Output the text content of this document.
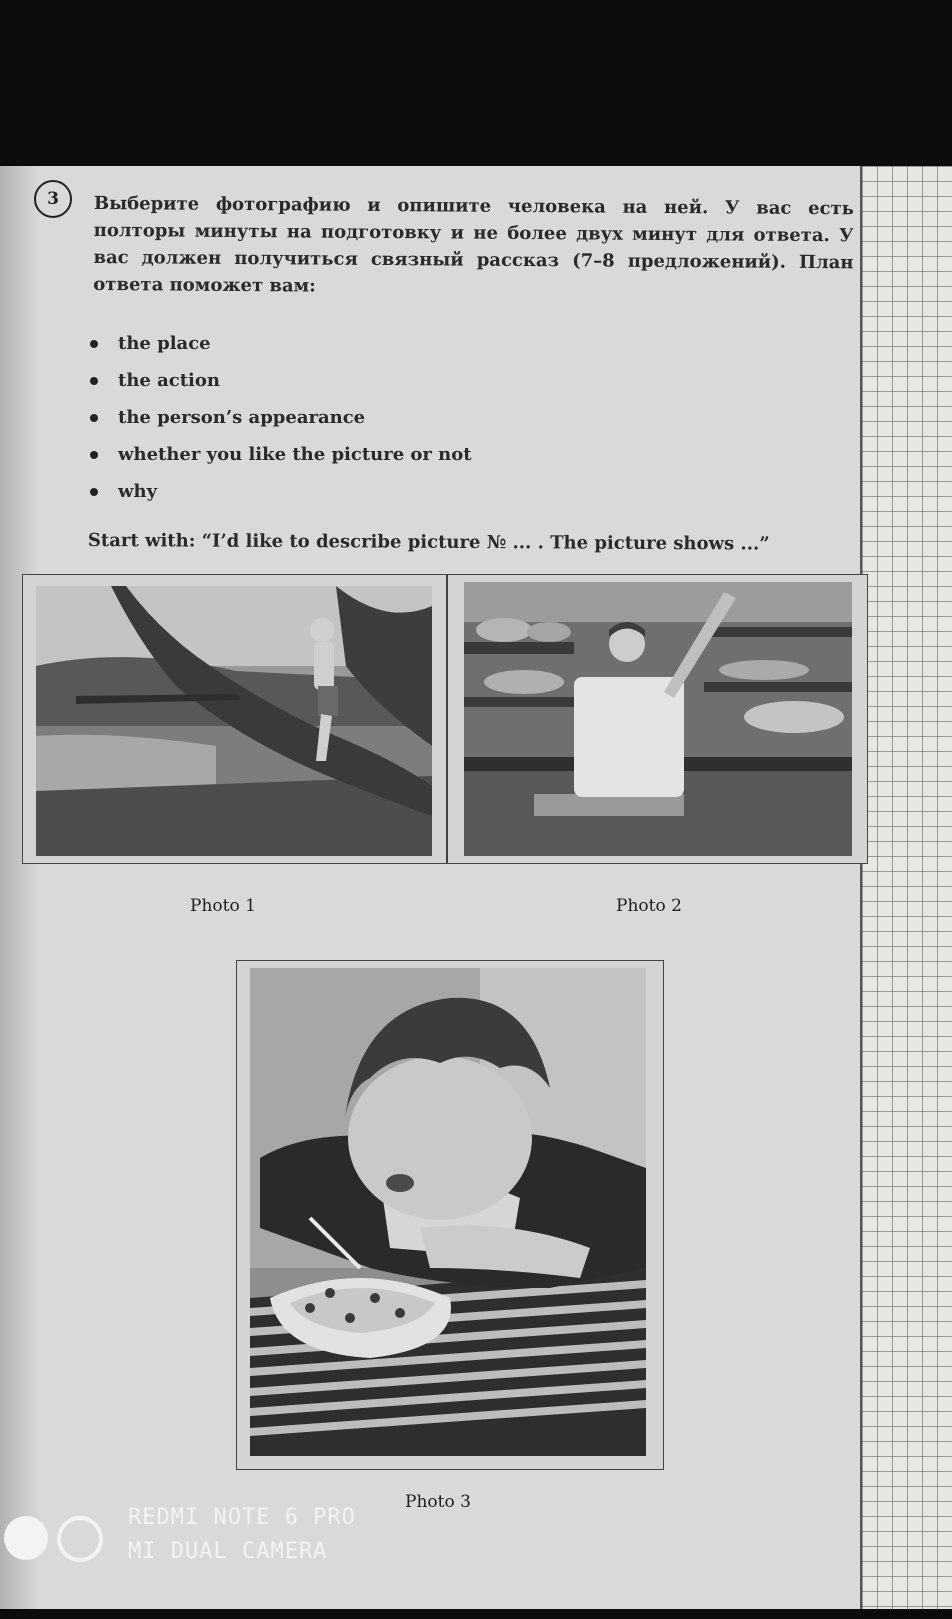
3	Выберите фотографию и опишите человека на ней. У вас есть полторы минуты на подготовку и не более двух минут для ответа. У вас должен получиться связный рассказ (7–8 предложений). План ответа поможет вам:
the place
the action
the person’s appearance
whether you like the picture or not
why
Start with: “I’d like to describe picture № ... . The picture shows ...”
Photo 1	Photo 2
Photo 3
REDMI NOTE 6 PRO
MI DUAL CAMERA
